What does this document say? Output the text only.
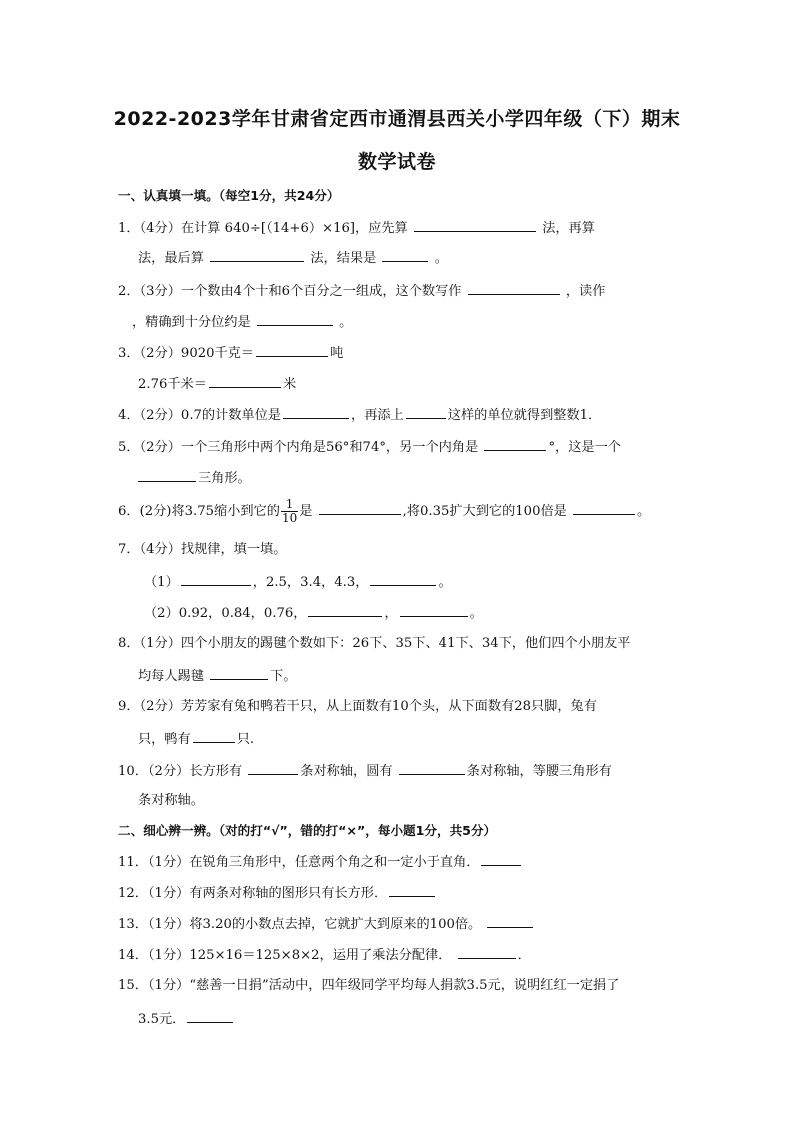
2022-2023学年甘肃省定西市通渭县西关小学四年级（下）期末
数学试卷
一、认真填一填。（每空1分，共24分）
1．（4分）在计算 640÷[（14+6）×16]，应先算	法，再算
法，最后算	法，结果是	。
2．（3分）一个数由4个十和6个百分之一组成，这个数写作	，读作
，精确到十分位约是	。
3．（2分）9020千克＝	吨
2.76千米＝	米
4．（2分）0.7的计数单位是	，再添上	这样的单位就得到整数1．
5．（2分）一个三角形中两个内角是56°和74°，另一个内角是	°，这是一个
三角形。
6．(2分)将3.75缩小到它的 $\frac{1}{10}$ 是	,将0.35扩大到它的100倍是	。
7．（4分）找规律，填一填。
（1）	，2.5，3.4，4.3，	。
（2）0.92，0.84，0.76，	，	。
8．（1分）四个小朋友的踢毽个数如下：26下、35下、41下、34下，他们四个小朋友平
均每人踢毽	下。
9．（2分）芳芳家有兔和鸭若干只，从上面数有10个头，从下面数有28只脚，兔有
只，鸭有	只.
10．（2分）长方形有	条对称轴，圆有	条对称轴，等腰三角形有
条对称轴。
二、细心辨一辨。（对的打“√”，错的打“×”，每小题1分，共5分）
11．（1分）在锐角三角形中，任意两个角之和一定小于直角．
12．（1分）有两条对称轴的图形只有长方形．
13．（1分）将3.20的小数点去掉，它就扩大到原来的100倍。
14．（1分）125×16＝125×8×2，运用了乘法分配律．	．
15．（1分）“慈善一日捐”活动中，四年级同学平均每人捐款3.5元，说明红红一定捐了
3.5元．
